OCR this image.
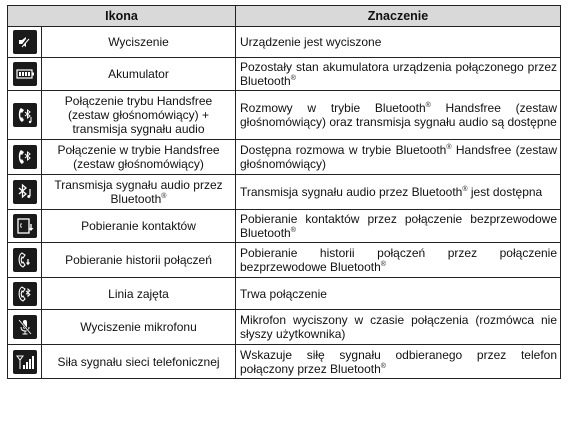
Ikona		Znaczenie

	Wyciszenie	Urządzenie jest wyciszone

	Akumulator	Pozostały stan akumulatora urządzenia połączonego przez Bluetooth®

	Połączenie trybu Handsfree (zestaw głośnomówiący) + transmisja sygnału audio	Rozmowy w trybie Bluetooth® Handsfree (zestaw głośnomówiący) oraz transmisja sygnału audio są dostępne

	Połączenie w trybie Handsfree (zestaw głośnomówiący)	Dostępna rozmowa w trybie Bluetooth® Handsfree (zestaw głośnomówiący)

	Transmisja sygnału audio przez Bluetooth®	Transmisja sygnału audio przez Bluetooth® jest dostępna

	Pobieranie kontaktów	Pobieranie kontaktów przez połączenie bezprzewodowe Bluetooth®

	Pobieranie historii połączeń	Pobieranie historii połączeń przez połączenie bezprzewodowe Bluetooth®

	Linia zajęta	Trwa połączenie

	Wyciszenie mikrofonu	Mikrofon wyciszony w czasie połączenia (rozmówca nie słyszy użytkownika)

	Siła sygnału sieci telefonicznej	Wskazuje siłę sygnału odbieranego przez telefon połączony przez Bluetooth®
